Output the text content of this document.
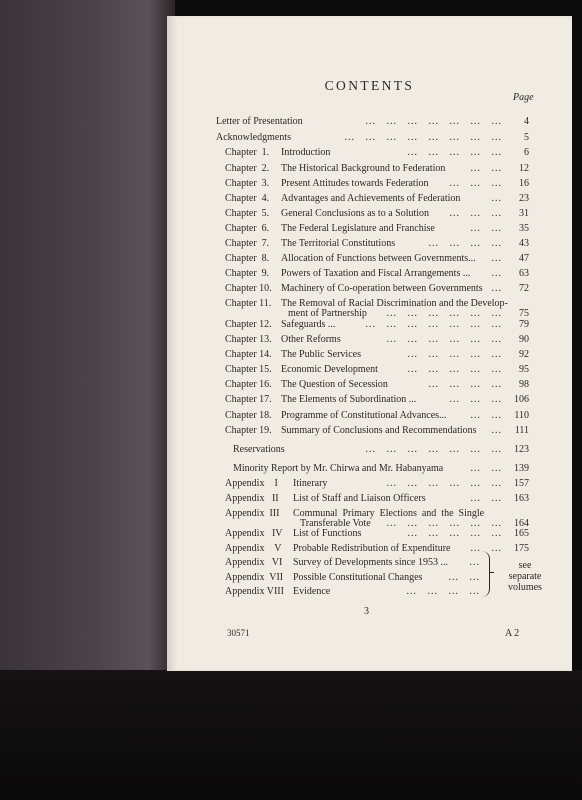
CONTENTS
Page
Letter of Presentation	...   ...   ...   ...   ...   ...   ... 4
Acknowledgments	...   ...   ...   ...   ...   ...   ...   ... 5
Chapter  1. Introduction	...   ...   ...   ...   ... 6
Chapter  2. The Historical Background to Federation	...   ... 12
Chapter  3. Present Attitudes towards Federation ...   ...   ... 16
Chapter  4. Advantages and Achievements of Federation	... 23
Chapter  5. General Conclusions as to a Solution ...   ...   ... 31
Chapter  6. The Federal Legislature and Franchise	...   ... 35
Chapter  7. The Territorial Constitutions	...   ...   ...   ... 43
Chapter  8. Allocation of Functions between Governments... ... 47
Chapter  9. Powers of Taxation and Fiscal Arrangements ... ... 63
Chapter 10. Machinery of Co-operation between Governments ... 72
Chapter 11. The Removal of Racial Discrimination and the Develop-
...   ...   ...   ...   ...   ...
ment of Partnership	75
Chapter 12. Safeguards ...	...   ...   ...   ...   ...   ...   ... 79
Chapter 13. Other Reforms	...   ...   ...   ...   ...   ... 90
Chapter 14. The Public Services	...   ...   ...   ...   ... 92
Chapter 15. Economic Development	...   ...   ...   ...   ... 95
Chapter 16. The Question of Secession	...   ...   ...   ... 98
Chapter 17. The Elements of Subordination ...	...   ...   ... 106
Chapter 18. Programme of Constitutional Advances... ...   ... 110
Chapter 19. Summary of Conclusions and Recommendations ... 111
Reservations	...   ...   ...   ...   ...   ...   ... 123
Minority Report by Mr. Chirwa and Mr. Habanyama	...   ... 139
Appendix    I Itinerary	...   ...   ...   ...   ...   ... 157
Appendix   II List of Staff and Liaison Officers	...   ... 163
Appendix  III Communal  Primary  Elections  and  the  Single
...   ...   ...   ...   ...   ...
Transferable Vote	164
Appendix   IV List of Functions	...   ...   ...   ...   ... 165
Appendix    V Probable Redistribution of Expenditure ...   ... 175
Appendix   VI Survey of Developments since 1953 ... ...
Appendix  VII Possible Constitutional Changes	...   ...
Appendix VIII Evidence	...   ...   ...   ...
see
separate
volumes
3
30571	A 2
